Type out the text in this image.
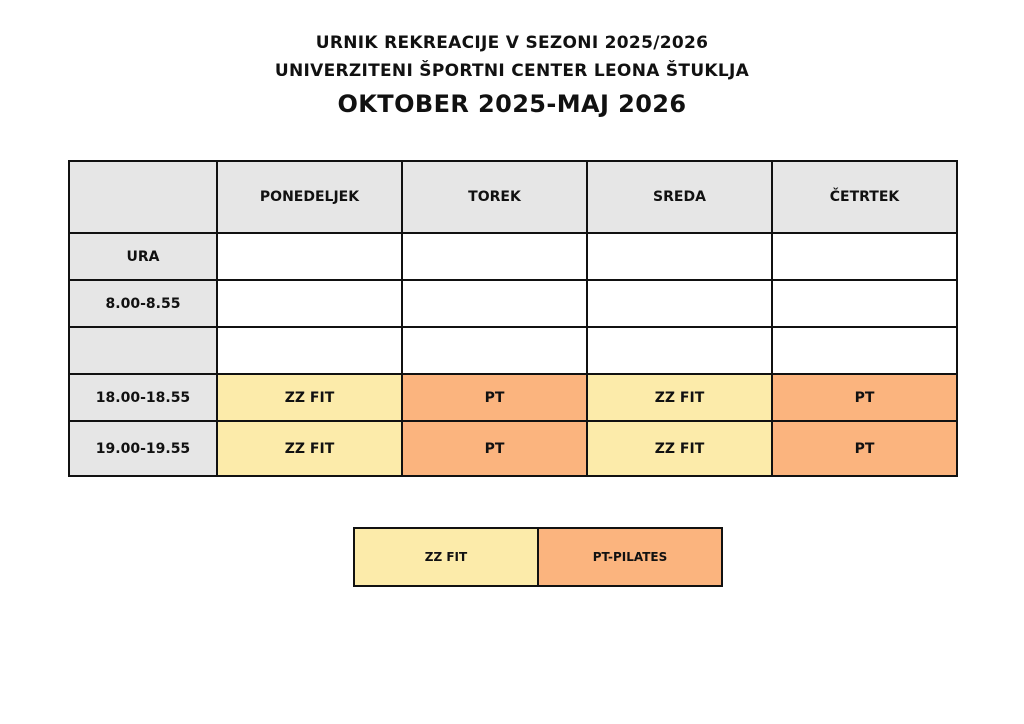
URNIK REKREACIJE V SEZONI 2025/2026
UNIVERZITENI ŠPORTNI CENTER LEONA ŠTUKLJA
OKTOBER 2025-MAJ 2026
	PONEDELJEK	TOREK	SREDA	ČETRTEK
URA				
8.00-8.55				

18.00-18.55	ZZ FIT	PT	ZZ FIT	PT
19.00-19.55	ZZ FIT	PT	ZZ FIT	PT
ZZ FIT	PT-PILATES
